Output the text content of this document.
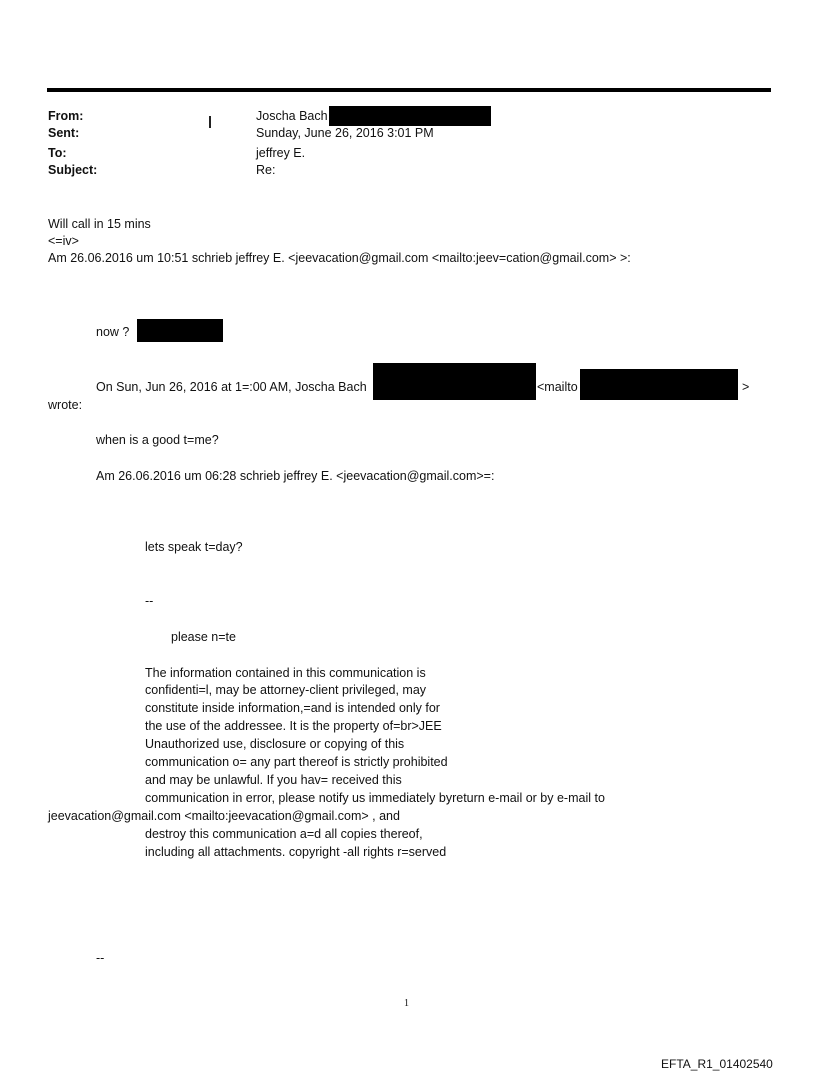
From:	Joscha Bach
Sent:	Sunday, June 26, 2016 3:01 PM
To:	jeffrey E.
Subject:	Re:
Will call in 15 mins
<=iv>
Am 26.06.2016 um 10:51 schrieb jeffrey E. <jeevacation@gmail.com <mailto:jeev=cation@gmail.com> >:
now ?
On Sun, Jun 26, 2016 at 1=:00 AM, Joscha Bach	<mailto	>
wrote:
when is a good t=me?
Am 26.06.2016 um 06:28 schrieb jeffrey E. <jeevacation@gmail.com>=:
lets speak t=day?
--
please n=te
The information contained in this communication is
confidenti=l, may be attorney-client privileged, may
constitute inside information,=and is intended only for
the use of the addressee. It is the property of=br>JEE
Unauthorized use, disclosure or copying of this
communication o= any part thereof is strictly prohibited
and may be unlawful. If you hav= received this
communication in error, please notify us immediately byreturn e-mail or by e-mail to
jeevacation@gmail.com <mailto:jeevacation@gmail.com> , and
destroy this communication a=d all copies thereof,
including all attachments. copyright -all rights r=served
--
1
EFTA_R1_01402540
